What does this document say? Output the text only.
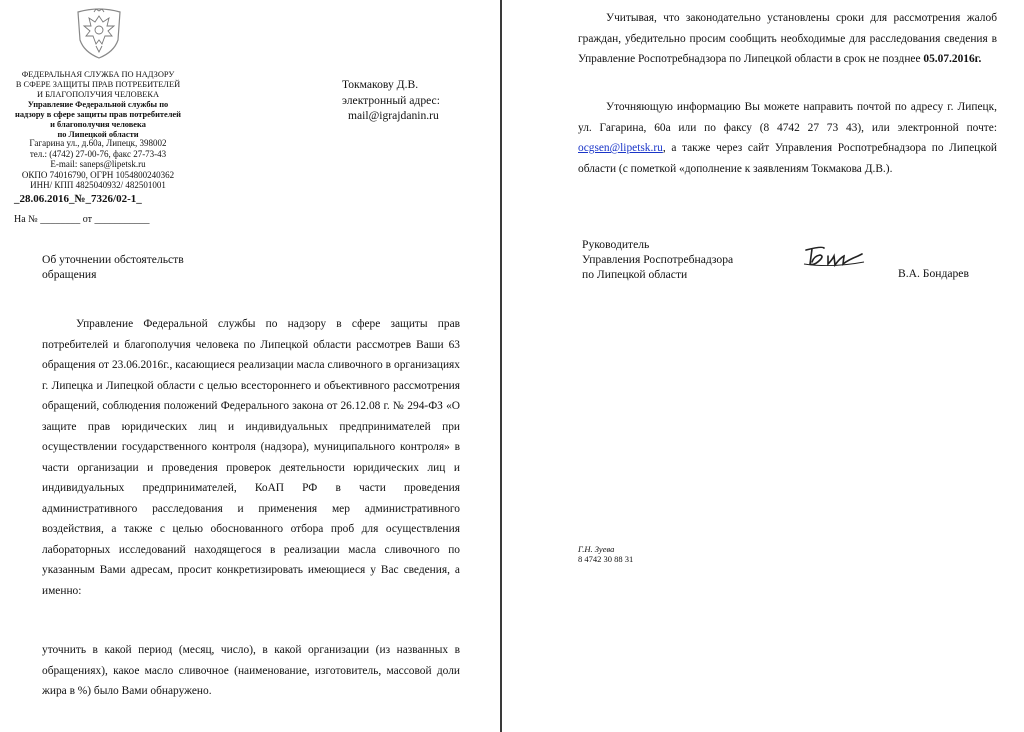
ФЕДЕРАЛЬНАЯ СЛУЖБА ПО НАДЗОРУ
В СФЕРЕ ЗАЩИТЫ ПРАВ ПОТРЕБИТЕЛЕЙ
И БЛАГОПОЛУЧИЯ ЧЕЛОВЕКА
Управление Федеральной службы по
надзору в сфере защиты прав потребителей
и благополучия человека
по Липецкой области
Гагарина ул., д.60а, Липецк, 398002
тел.: (4742) 27-00-76, факс 27-73-43
E-mail: saneps@lipetsk.ru
ОКПО 74016790, ОГРН 1054800240362
ИНН/ КПП 4825040932/ 482501001
_28.06.2016_№_7326/02-1_
На № ________ от ___________
Токмакову Д.В.
электронный адрес:
mail@igrajdanin.ru
Об уточнении обстоятельств
обращения
Управление Федеральной службы по надзору в сфере защиты прав потребителей и благополучия человека по Липецкой области рассмотрев Ваши 63 обращения от 23.06.2016г., касающиеся реализации масла сливочного в организациях г. Липецка и Липецкой области с целью всестороннего и объективного рассмотрения обращений, соблюдения положений Федерального закона от 26.12.08 г. № 294-ФЗ «О защите прав юридических лиц и индивидуальных предпринимателей при осуществлении государственного контроля (надзора), муниципального контроля» в части организации и проведения проверок деятельности юридических лиц и индивидуальных предпринимателей, КоАП РФ в части проведения административного расследования и применения мер административного воздействия, а также с целью обоснованного отбора проб для осуществления лабораторных исследований находящегося в реализации масла сливочного по указанным Вами адресам, просит конкретизировать имеющиеся у Вас сведения, а именно:
уточнить в какой период (месяц, число), в какой организации (из названных в обращениях), какое масло сливочное (наименование, изготовитель, массовой доли жира в %) было Вами обнаружено.
Учитывая, что законодательно установлены сроки для рассмотрения жалоб граждан, убедительно просим сообщить необходимые для расследования сведения в Управление Роспотребнадзора по Липецкой области в срок не позднее 05.07.2016г.
Уточняющую информацию Вы можете направить почтой по адресу г. Липецк, ул. Гагарина, 60а или по факсу (8 4742 27 73 43), или электронной почте: ocgsen@lipetsk.ru, а также через сайт Управления Роспотребнадзора по Липецкой области (с пометкой «дополнение к заявлениям Токмакова Д.В.).
Руководитель
Управления Роспотребнадзора
по Липецкой области	В.А. Бондарев
Г.Н. Зуева
8 4742 30 88 31
